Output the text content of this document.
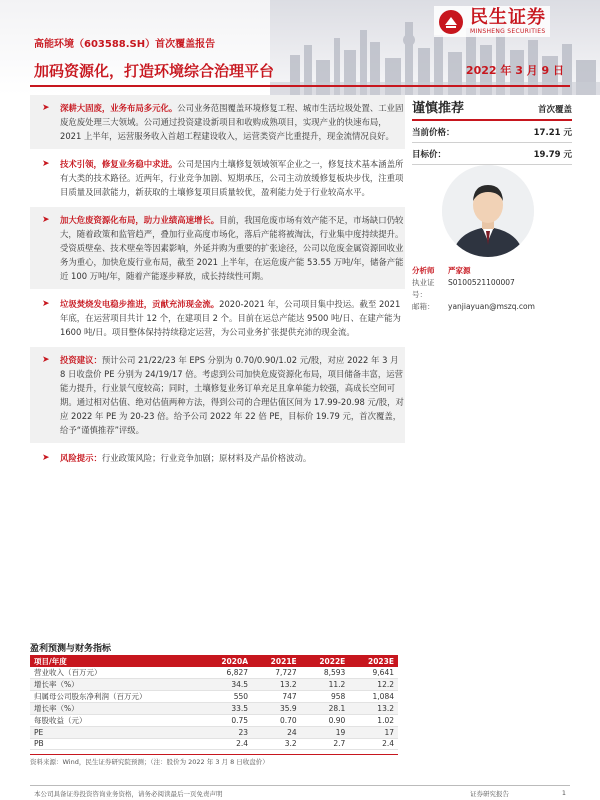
民生证券
MINSHENG SECURITIES
高能环境（603588.SH）首次覆盖报告
加码资源化，打造环境综合治理平台	2022 年 3 月 9 日
➤ 深耕大固废，业务布局多元化。公司业务范围覆盖环境修复工程、城市生活垃圾处置、工业固废危废处理三大领域。公司通过投资建设新项目和收购成熟项目，实现产业的快速布局，2021 上半年，运营服务收入首超工程建设收入，运营类资产比重提升，现金流情况良好。
➤ 技术引领，修复业务稳中求进。公司是国内土壤修复领域领军企业之一，修复技术基本涵盖所有大类的技术路径。近两年，行业竞争加剧、短期承压，公司主动放缓修复板块步伐，注重项目质量及回款能力，新获取的土壤修复项目质量较优，盈利能力处于行业较高水平。
➤ 加大危废资源化布局，助力业绩高速增长。目前，我国危废市场有效产能不足，市场缺口仍较大，随着政策和监管趋严，叠加行业高度市场化，落后产能将被淘汰，行业集中度持续提升。受资质壁垒、技术壁垒等因素影响，外延并购为重要的扩张途径，公司以危废金属资源回收业务为重心，加快危废行业布局，截至 2021 上半年，在运危废产能 53.55 万吨/年，储备产能近 100 万吨/年，随着产能逐步释放，成长持续性可期。
➤ 垃圾焚烧发电稳步推进，贡献充沛现金流。2020-2021 年，公司项目集中投运。截至 2021 年底，在运营项目共计 12 个，在建项目 2 个。目前在运总产能达 9500 吨/日、在建产能为 1600 吨/日。项目整体保持持续稳定运营，为公司业务扩张提供充沛的现金流。
➤ 投资建议：预计公司 21/22/23 年 EPS 分别为 0.70/0.90/1.02 元/股，对应 2022 年 3 月 8 日收盘价 PE 分别为 24/19/17 倍。考虑到公司加快危废资源化布局，项目储备丰富，运营能力提升，行业景气度较高；同时，土壤修复业务订单充足且拿单能力较强，高成长空间可期。通过相对估值、绝对估值两种方法，得到公司的合理估值区间为 17.99-20.98 元/股，对应 2022 年 PE 为 20-23 倍。给予公司 2022 年 22 倍 PE，目标价 19.79 元，首次覆盖，给予“谨慎推荐”评级。
➤ 风险提示：行业政策风险；行业竞争加剧；原材料及产品价格波动。
谨慎推荐	首次覆盖
当前价格：	17.21 元
目标价：	19.79 元
分析师	严家源
执业证号：
S0100521100007
邮箱：	yanjiayuan@mszq.com
盈利预测与财务指标
项目/年度	2020A	2021E	2022E	2023E
营业收入（百万元）	6,827	7,727	8,593	9,641
增长率（%）	34.5	13.2	11.2	12.2
归属母公司股东净利润（百万元）	550	747	958	1,084
增长率（%）	33.5	35.9	28.1	13.2
每股收益（元）	0.75	0.70	0.90	1.02
PE	23	24	19	17
PB	2.4	3.2	2.7	2.4
资料来源：Wind，民生证券研究院预测；（注：股价为 2022 年 3 月 8 日收盘价）
本公司具备证券投资咨询业务资格，请务必阅读最后一页免责声明	证券研究报告	1
